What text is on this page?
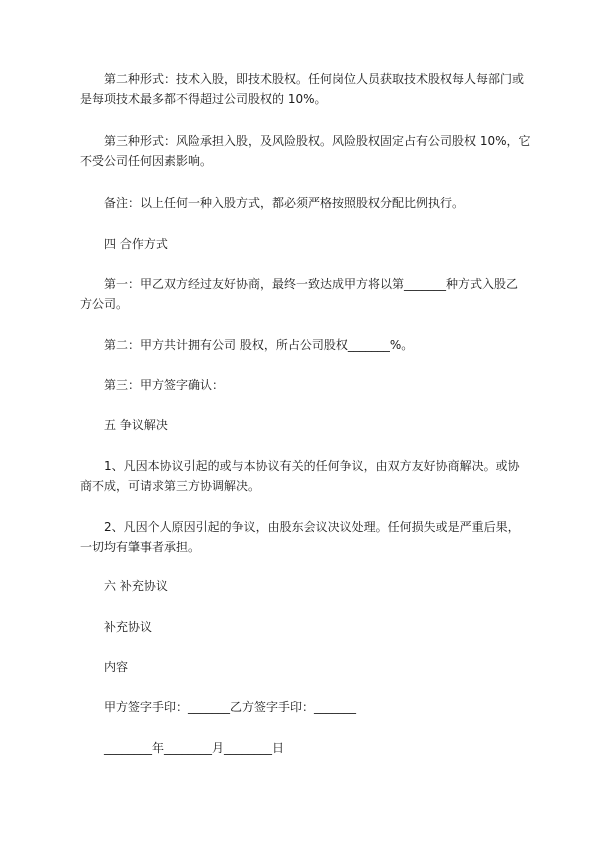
第二种形式：技术入股，即技术股权。任何岗位人员获取技术股权每人每部门或
是每项技术最多都不得超过公司股权的 10%。
第三种形式：风险承担入股，及风险股权。风险股权固定占有公司股权 10%，它
不受公司任何因素影响。
备注：以上任何一种入股方式，都必须严格按照股权分配比例执行。
四 合作方式
第一：甲乙双方经过友好协商，最终一致达成甲方将以第_______种方式入股乙
方公司。
第二：甲方共计拥有公司 股权，所占公司股权_______%。
第三：甲方签字确认：
五 争议解决
1、凡因本协议引起的或与本协议有关的任何争议，由双方友好协商解决。或协
商不成，可请求第三方协调解决。
2、凡因个人原因引起的争议，由股东会议决议处理。任何损失或是严重后果，
一切均有肇事者承担。
六 补充协议
补充协议
内容
甲方签字手印：_______乙方签字手印：_______
________年________月________日
